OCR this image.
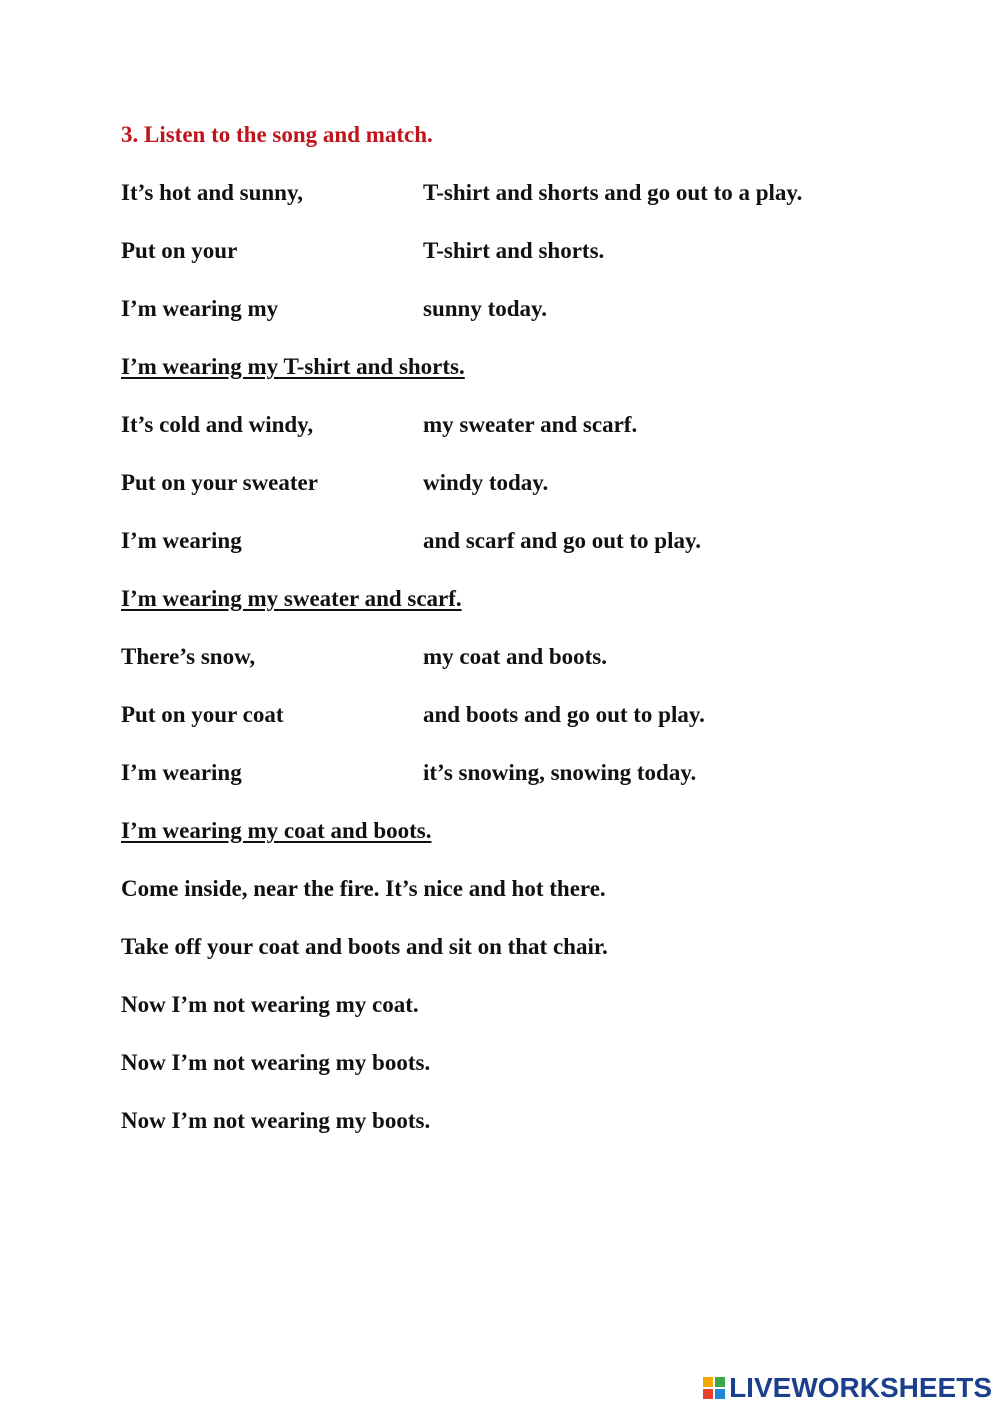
3. Listen to the song and match.
It’s hot and sunny,	T-shirt and shorts and go out to a play.
Put on your	T-shirt and shorts.
I’m wearing my	sunny today.
I’m wearing my T-shirt and shorts.
It’s cold and windy,	my sweater and scarf.
Put on your sweater	windy today.
I’m wearing	and scarf and go out to play.
I’m wearing my sweater and scarf.
There’s snow,	my coat and boots.
Put on your coat	and boots and go out to play.
I’m wearing	it’s snowing, snowing today.
I’m wearing my coat and boots.
Come inside, near the fire. It’s nice and hot there.
Take off your coat and boots and sit on that chair.
Now I’m not wearing my coat.
Now I’m not wearing my boots.
Now I’m not wearing my boots.
LIVEWORKSHEETS
